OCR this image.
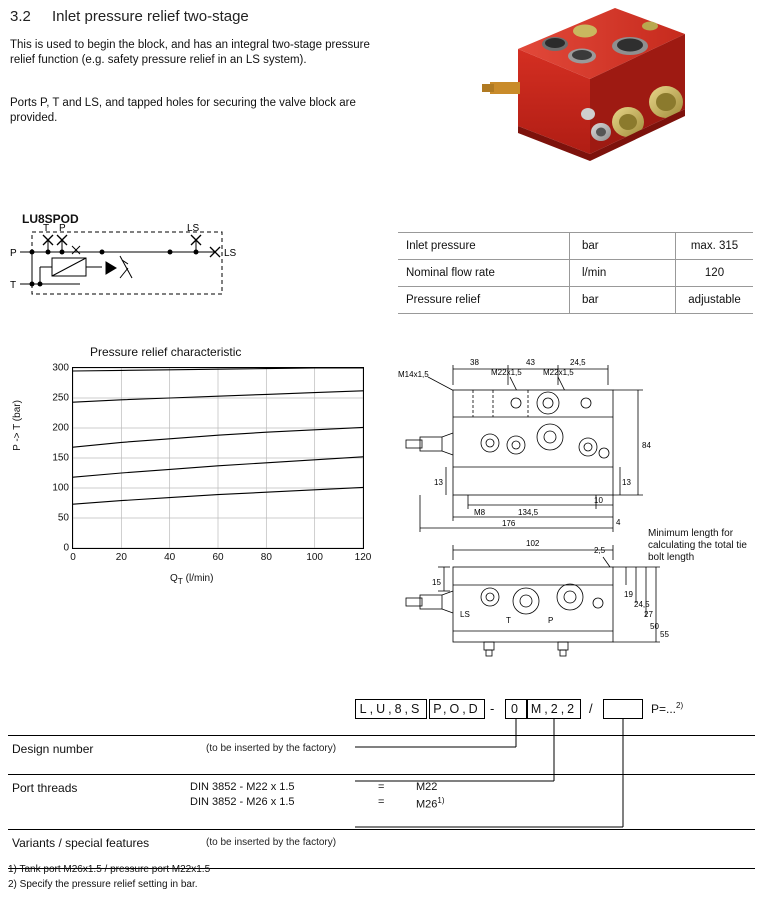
3.2 Inlet pressure relief two-stage
This is used to begin the block, and has an integral two-stage pressure relief function (e.g. safety pressure relief in an LS system).
Ports P, T and LS, and tapped holes for securing the valve block are provided.
LU8SPOD
T P	LS
P
T
LS
Inlet pressure	bar	max. 315
Nominal flow rate	l/min	120
Pressure relief	bar	adjustable
Pressure relief characteristic
P -> T (bar)
0
50
100
150
200
250
300
0	20	40	60	80	100	120
$Q_T$ (l/min)
38	43	24,5
M14x1,5	M22x1,5	M22x1,5
84
13	13
M8
10
4
134,5
176
102
2,5
15
19
24,5
27
50
55
LS
T	P
Minimum length for calculating the total tie bolt length
L,U,8,S P,O,D -	0 M,2,2 /	P=...$^{2)}$
Design number	(to be inserted by the factory)
Port threads	DIN 3852 - M22 x 1.5	=	M22
DIN 3852 - M26 x 1.5	=	$M26^{1)}$
Variants / special features	(to be inserted by the factory)
1) Tank port M26x1.5 / pressure port M22x1.5
2) Specify the pressure relief setting in bar.
